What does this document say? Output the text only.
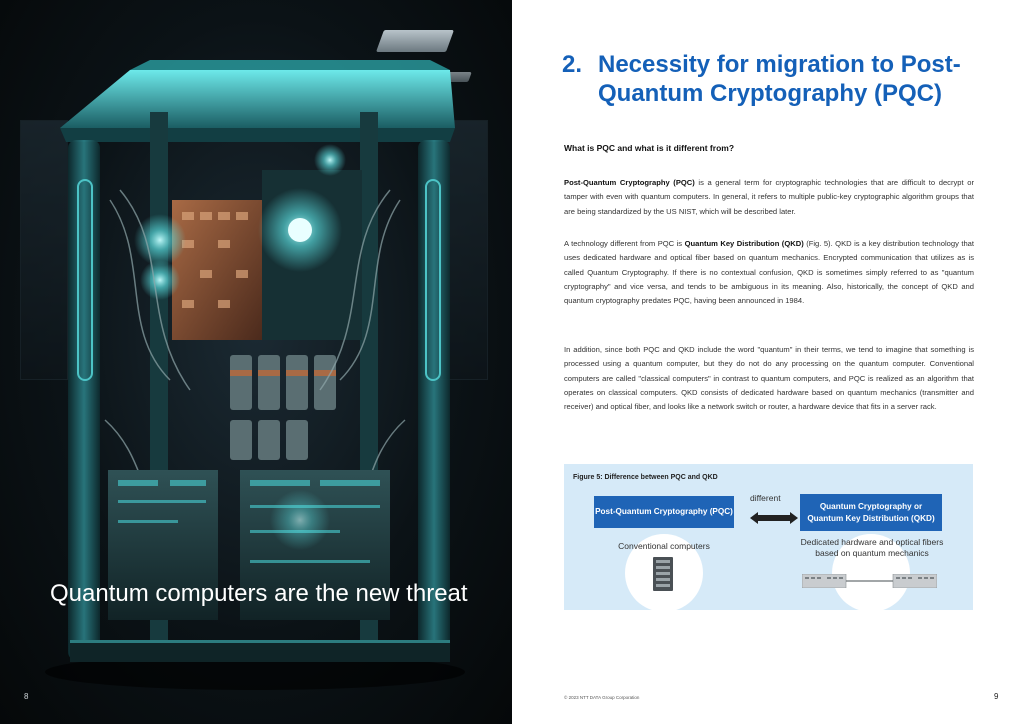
Quantum computers are the new threat
8
2. Necessity for migration to Post-Quantum Cryptography (PQC)
What is PQC and what is it different from?

Post-Quantum Cryptography (PQC) is a general term for cryptographic technologies that are difficult to decrypt or tamper with even with quantum computers. In general, it refers to multiple public-key cryptographic algorithm groups that are being standardized by the US NIST, which will be described later.

A technology different from PQC is Quantum Key Distribution (QKD) (Fig. 5). QKD is a key distribution technology that uses dedicated hardware and optical fiber based on quantum mechanics. Encrypted communication that utilizes as is called Quantum Cryptography. If there is no contextual confusion, QKD is sometimes simply referred to as "quantum cryptography" and vice versa, and tends to be ambiguous in its meaning. Also, historically, the concept of QKD and quantum cryptography predates PQC, having been announced in 1984.

In addition, since both PQC and QKD include the word "quantum" in their terms, we tend to imagine that something is processed using a quantum computer, but they do not do any processing on the quantum computer. Conventional computers are called "classical computers" in contrast to quantum computers, and PQC is realized as an algorithm that operates on classical computers. QKD consists of dedicated hardware based on quantum mechanics (transmitter and receiver) and optical fiber, and looks like a network switch or router, a hardware device that fits in a server rack.

Figure 5: Difference between PQC and QKD
Post-Quantum Cryptography (PQC)
Quantum Cryptography or Quantum Key Distribution (QKD)
different
Conventional computers	Dedicated hardware and optical fibers based on quantum mechanics
© 2023 NTT DATA Group Corporation	9
